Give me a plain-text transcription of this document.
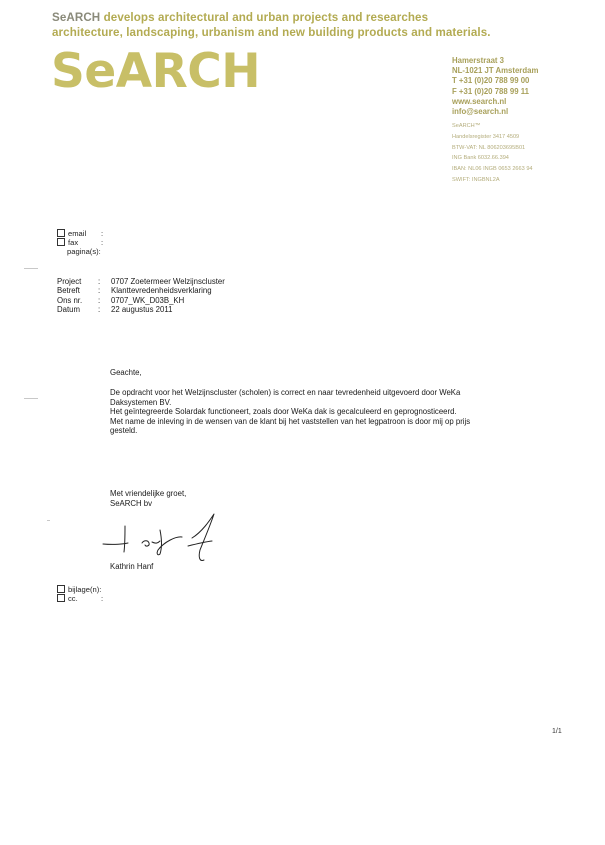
SeARCH develops architectural and urban projects and researches
architecture, landscaping, urbanism and new building products and materials.
SeARCH	Hamerstraat 3
NL-1021 JT Amsterdam
T +31 (0)20 788 99 00
F +31 (0)20 788 99 11
www.search.nl
info@search.nl
SeARCH™
Handelsregister 3417 4509
BTW-VAT: NL 806203695B01
ING Bank 6032.66.394
IBAN: NL06 INGB 0653 2663 94
SWIFT: INGBNL2A
email :
fax	:
pagina(s):
Project : 0707 Zoetermeer Welzijnscluster
Betreft : Klanttevredenheidsverklaring
Ons nr. : 0707_WK_D03B_KH
Datum : 22 augustus 2011
Geachte,

De opdracht voor het Welzijnscluster (scholen) is correct en naar tevredenheid uitgevoerd door WeKa

Daksystemen BV.

Het geïntegreerde Solardak functioneert, zoals door WeKa dak is gecalculeerd en geprognosticeerd.

Met name de inleving in de wensen van de klant bij het vaststellen van het legpatroon is door mij op prijs

gesteld.

Met vriendelijke groet,

SeARCH bv

Kathrin Hanf
bijlage(n):
cc.	:
1/1
